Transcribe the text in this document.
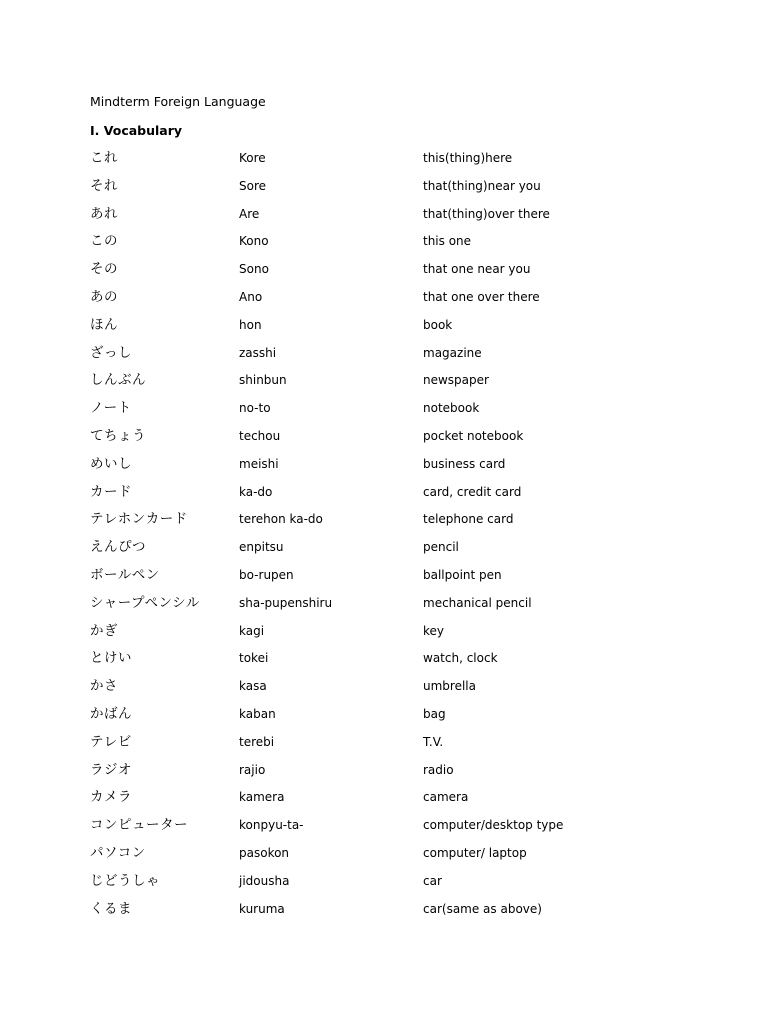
Mindterm Foreign Language
I. Vocabulary
これ	Kore	this(thing)here
それ	Sore	that(thing)near you
あれ	Are	that(thing)over there
この	Kono	this one
その	Sono	that one near you
あの	Ano	that one over there
ほん	hon	book
ざっし	zasshi	magazine
しんぶん	shinbun	newspaper
ノート	no-to	notebook
てちょう	techou	pocket notebook
めいし	meishi	business card
カード	ka-do	card, credit card
テレホンカード	terehon ka-do	telephone card
えんぴつ	enpitsu	pencil
ボールペン	bo-rupen	ballpoint pen
シャープペンシル	sha-pupenshiru	mechanical pencil
かぎ	kagi	key
とけい	tokei	watch, clock
かさ	kasa	umbrella
かばん	kaban	bag
テレビ	terebi	T.V.
ラジオ	rajio	radio
カメラ	kamera	camera
コンピューター	konpyu-ta-	computer/desktop type
パソコン	pasokon	computer/ laptop
じどうしゃ	jidousha	car
くるま	kuruma	car(same as above)
